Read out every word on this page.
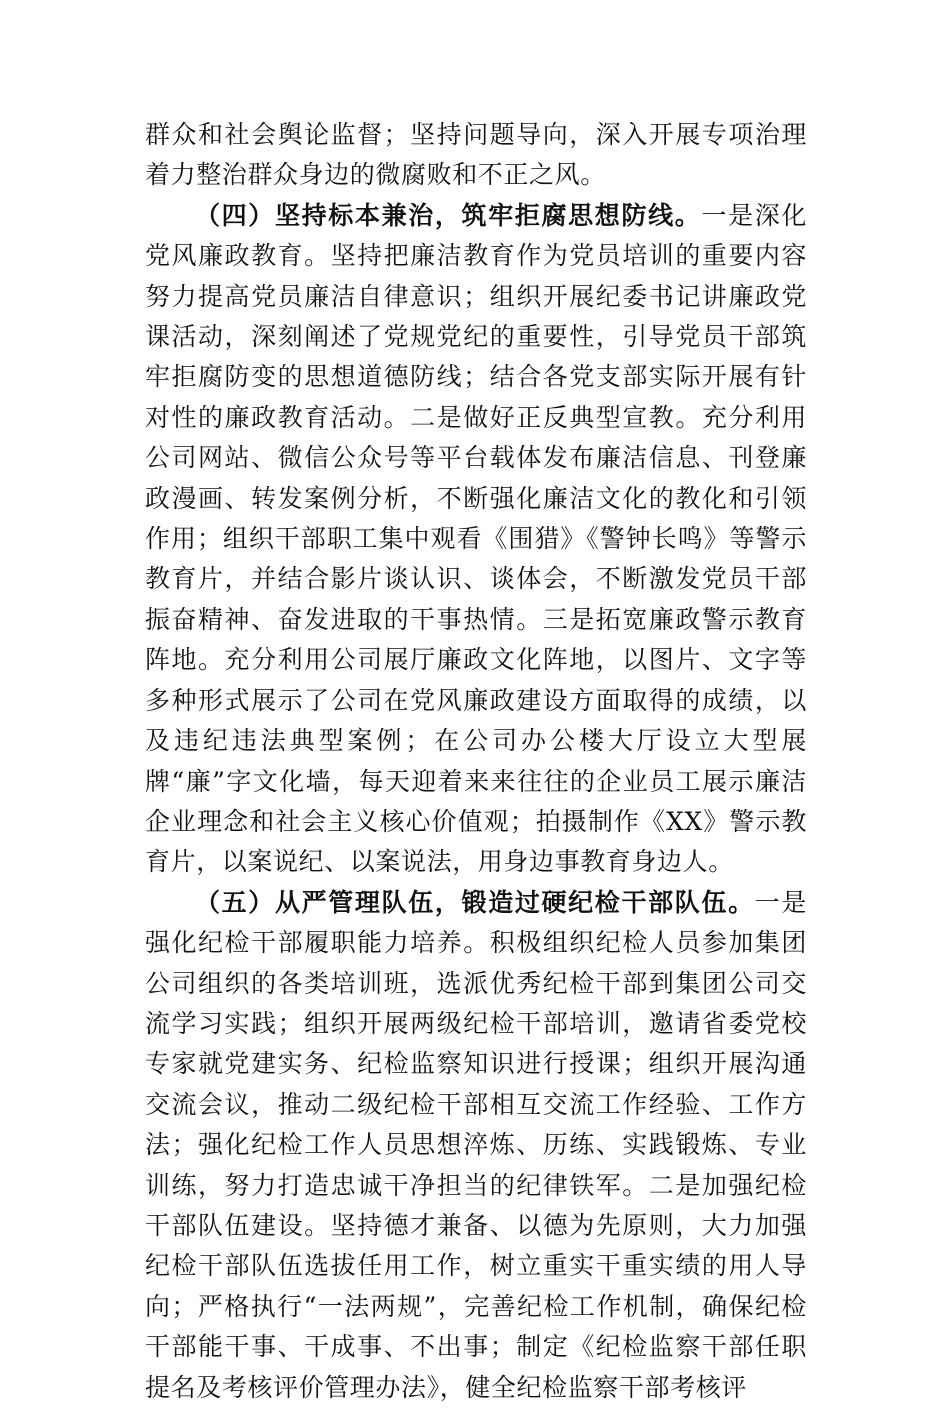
群众和社会舆论监督；坚持问题导向，深入开展专项治理着力整治群众身边的微腐败和不正之风。

（四）坚持标本兼治，筑牢拒腐思想防线。一是深化党风廉政教育。坚持把廉洁教育作为党员培训的重要内容努力提高党员廉洁自律意识；组织开展纪委书记讲廉政党课活动，深刻阐述了党规党纪的重要性，引导党员干部筑牢拒腐防变的思想道德防线；结合各党支部实际开展有针对性的廉政教育活动。二是做好正反典型宣教。充分利用公司网站、微信公众号等平台载体发布廉洁信息、刊登廉政漫画、转发案例分析，不断强化廉洁文化的教化和引领作用；组织干部职工集中观看《围猎》《警钟长鸣》等警示教育片，并结合影片谈认识、谈体会，不断激发党员干部振奋精神、奋发进取的干事热情。三是拓宽廉政警示教育阵地。充分利用公司展厅廉政文化阵地，以图片、文字等多种形式展示了公司在党风廉政建设方面取得的成绩，以及违纪违法典型案例；在公司办公楼大厅设立大型展牌“廉”字文化墙，每天迎着来来往往的企业员工展示廉洁企业理念和社会主义核心价值观；拍摄制作《XX》警示教育片，以案说纪、以案说法，用身边事教育身边人。

（五）从严管理队伍，锻造过硬纪检干部队伍。一是强化纪检干部履职能力培养。积极组织纪检人员参加集团公司组织的各类培训班，选派优秀纪检干部到集团公司交流学习实践；组织开展两级纪检干部培训，邀请省委党校专家就党建实务、纪检监察知识进行授课；组织开展沟通交流会议，推动二级纪检干部相互交流工作经验、工作方法；强化纪检工作人员思想淬炼、历练、实践锻炼、专业训练，努力打造忠诚干净担当的纪律铁军。二是加强纪检干部队伍建设。坚持德才兼备、以德为先原则，大力加强纪检干部队伍选拔任用工作，树立重实干重实绩的用人导向；严格执行“一法两规”，完善纪检工作机制，确保纪检干部能干事、干成事、不出事；制定《纪检监察干部任职提名及考核评价管理办法》，健全纪检监察干部考核评
